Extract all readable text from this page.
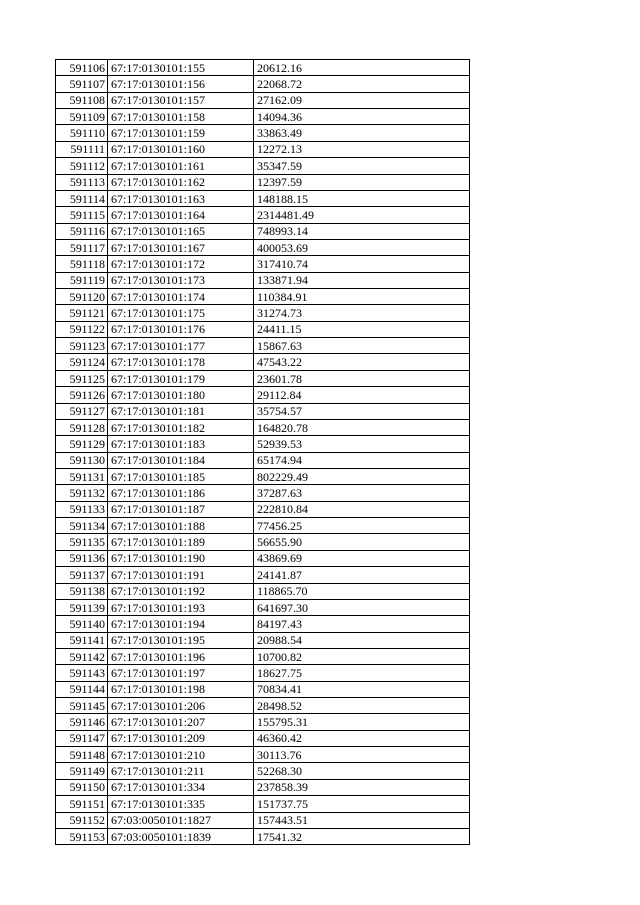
591106	67:17:0130101:155	20612.16
591107	67:17:0130101:156	22068.72
591108	67:17:0130101:157	27162.09
591109	67:17:0130101:158	14094.36
591110	67:17:0130101:159	33863.49
591111	67:17:0130101:160	12272.13
591112	67:17:0130101:161	35347.59
591113	67:17:0130101:162	12397.59
591114	67:17:0130101:163	148188.15
591115	67:17:0130101:164	2314481.49
591116	67:17:0130101:165	748993.14
591117	67:17:0130101:167	400053.69
591118	67:17:0130101:172	317410.74
591119	67:17:0130101:173	133871.94
591120	67:17:0130101:174	110384.91
591121	67:17:0130101:175	31274.73
591122	67:17:0130101:176	24411.15
591123	67:17:0130101:177	15867.63
591124	67:17:0130101:178	47543.22
591125	67:17:0130101:179	23601.78
591126	67:17:0130101:180	29112.84
591127	67:17:0130101:181	35754.57
591128	67:17:0130101:182	164820.78
591129	67:17:0130101:183	52939.53
591130	67:17:0130101:184	65174.94
591131	67:17:0130101:185	802229.49
591132	67:17:0130101:186	37287.63
591133	67:17:0130101:187	222810.84
591134	67:17:0130101:188	77456.25
591135	67:17:0130101:189	56655.90
591136	67:17:0130101:190	43869.69
591137	67:17:0130101:191	24141.87
591138	67:17:0130101:192	118865.70
591139	67:17:0130101:193	641697.30
591140	67:17:0130101:194	84197.43
591141	67:17:0130101:195	20988.54
591142	67:17:0130101:196	10700.82
591143	67:17:0130101:197	18627.75
591144	67:17:0130101:198	70834.41
591145	67:17:0130101:206	28498.52
591146	67:17:0130101:207	155795.31
591147	67:17:0130101:209	46360.42
591148	67:17:0130101:210	30113.76
591149	67:17:0130101:211	52268.30
591150	67:17:0130101:334	237858.39
591151	67:17:0130101:335	151737.75
591152	67:03:0050101:1827	157443.51
591153	67:03:0050101:1839	17541.32
